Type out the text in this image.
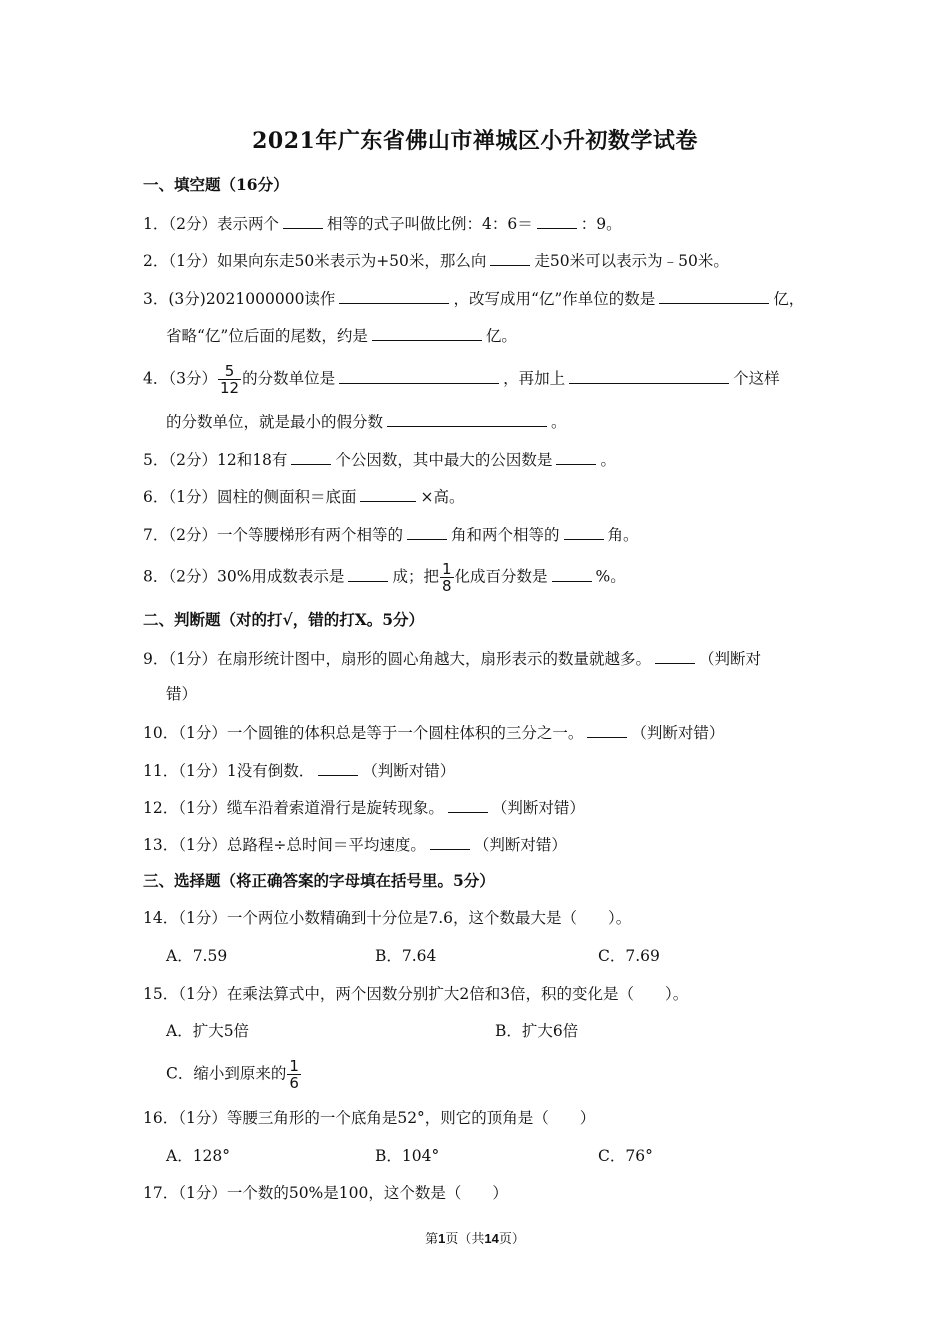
2021年广东省佛山市禅城区小升初数学试卷
一、填空题（16分）
1．（2分）表示两个	相等的式子叫做比例：4：6＝	：9。
2．（1分）如果向东走50米表示为+50米，那么向	走50米可以表示为﹣50米。
3．(3分)2021000000读作	，改写成用“亿”作单位的数是	亿，
省略“亿”位后面的尾数，约是	亿。
4．（3分） $\frac{5}{12}$ 的分数单位是	，再加上	个这样
的分数单位，就是最小的假分数	。
5．（2分）12和18有	个公因数，其中最大的公因数是	。
6．（1分）圆柱的侧面积＝底面	×高。
7．（2分）一个等腰梯形有两个相等的	角和两个相等的	角。
8．（2分）30%用成数表示是	成；把 $\frac{1}{8}$ 化成百分数是	%。
二、判断题（对的打√，错的打X。5分）
9．（1分）在扇形统计图中，扇形的圆心角越大，扇形表示的数量就越多。	（判断对
错）
10．（1分）一个圆锥的体积总是等于一个圆柱体积的三分之一。	（判断对错）
11．（1分）1没有倒数．	（判断对错）
12．（1分）缆车沿着索道滑行是旋转现象。	（判断对错）
13．（1分）总路程÷总时间＝平均速度。	（判断对错）
三、选择题（将正确答案的字母填在括号里。5分）
14．（1分）一个两位小数精确到十分位是7.6，这个数最大是（　　）。
A．7.59	B．7.64	C．7.69
15．（1分）在乘法算式中，两个因数分别扩大2倍和3倍，积的变化是（　　）。
A．扩大5倍	B．扩大6倍
C．缩小到原来的 $\frac{1}{6}$
16．（1分）等腰三角形的一个底角是52°，则它的顶角是（　　）
A．128°	B．104°	C．76°
17．（1分）一个数的50%是100，这个数是（　　）
第1页（共14页）
